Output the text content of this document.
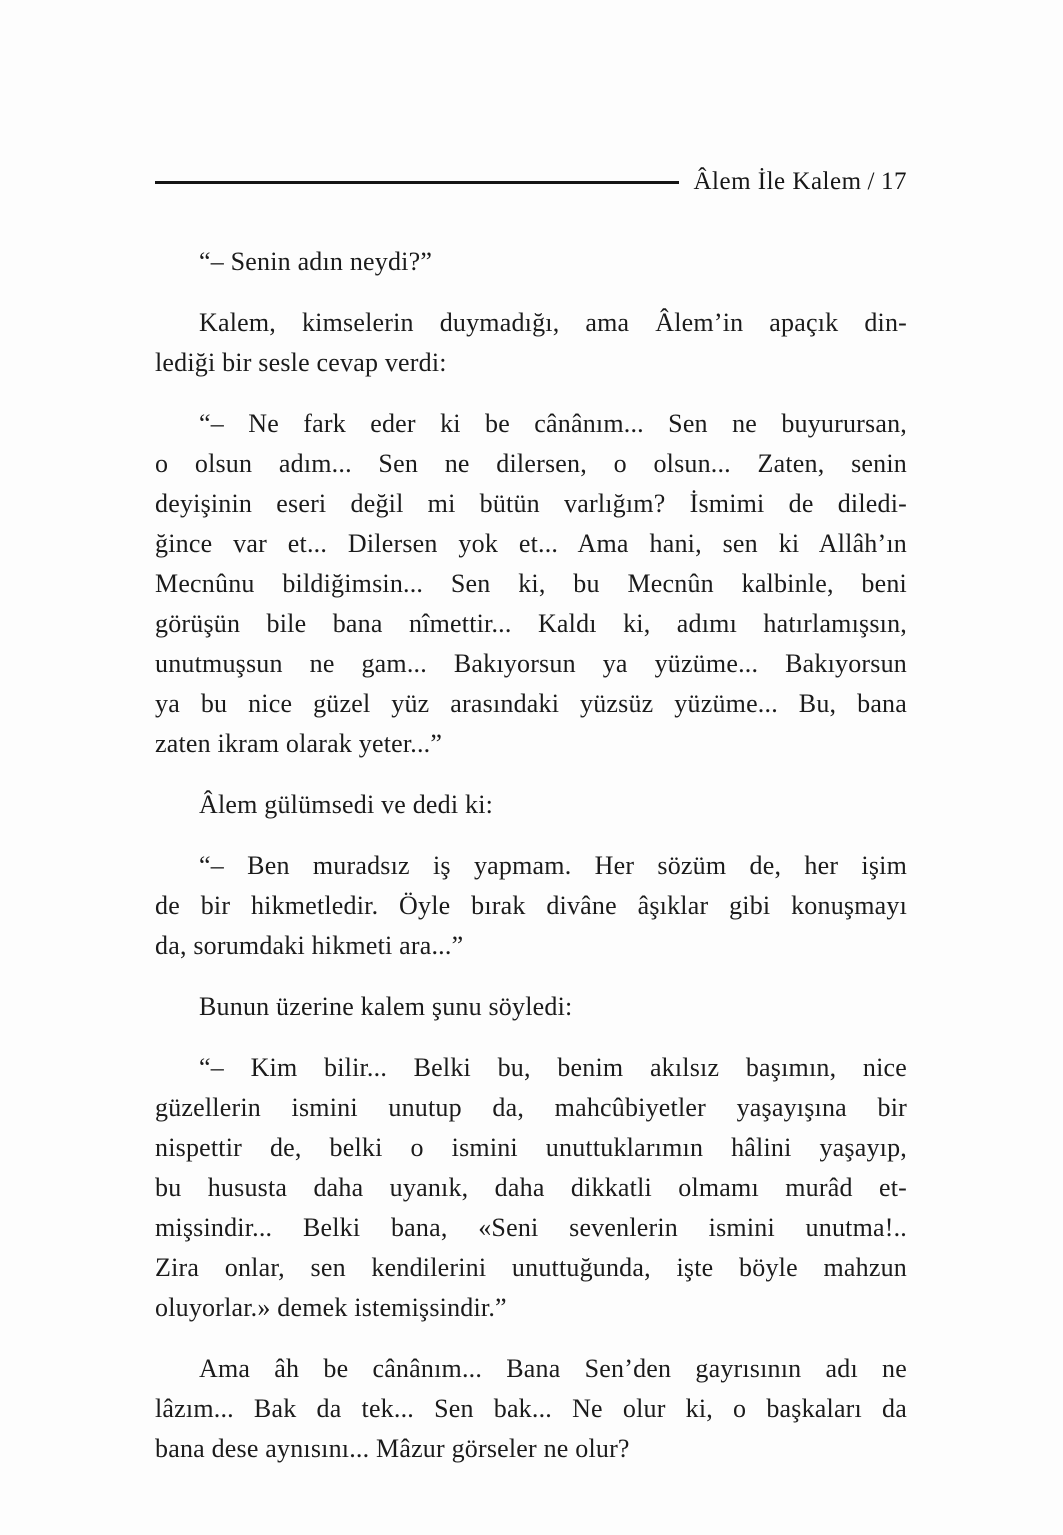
Âlem İle Kalem / 17
“– Senin adın neydi?”
Kalem, kimselerin duymadığı, ama Âlem’in apaçık din-
lediği bir sesle cevap verdi:
“– Ne fark eder ki be cânânım... Sen ne buyurursan,
o olsun adım... Sen ne dilersen, o olsun... Zaten, senin
deyişinin eseri değil mi bütün varlığım? İsmimi de diledi-
ğince var et... Dilersen yok et... Ama hani, sen ki Allâh’ın
Mecnûnu bildiğimsin... Sen ki, bu Mecnûn kalbinle, beni
görüşün bile bana nîmettir... Kaldı ki, adımı hatırlamışsın,
unutmuşsun ne gam... Bakıyorsun ya yüzüme... Bakıyorsun
ya bu nice güzel yüz arasındaki yüzsüz yüzüme... Bu, bana
zaten ikram olarak yeter...”
Âlem gülümsedi ve dedi ki:
“– Ben muradsız iş yapmam. Her sözüm de, her işim
de bir hikmetledir. Öyle bırak divâne âşıklar gibi konuşmayı
da, sorumdaki hikmeti ara...”
Bunun üzerine kalem şunu söyledi:
“– Kim bilir... Belki bu, benim akılsız başımın, nice
güzellerin ismini unutup da, mahcûbiyetler yaşayışına bir
nispettir de, belki o ismini unuttuklarımın hâlini yaşayıp,
bu hususta daha uyanık, daha dikkatli olmamı murâd et-
mişsindir... Belki bana, «Seni sevenlerin ismini unutma!..
Zira onlar, sen kendilerini unuttuğunda, işte böyle mahzun
oluyorlar.» demek istemişsindir.”
Ama âh be cânânım... Bana Sen’den gayrısının adı ne
lâzım... Bak da tek... Sen bak... Ne olur ki, o başkaları da
bana dese aynısını... Mâzur görseler ne olur?
